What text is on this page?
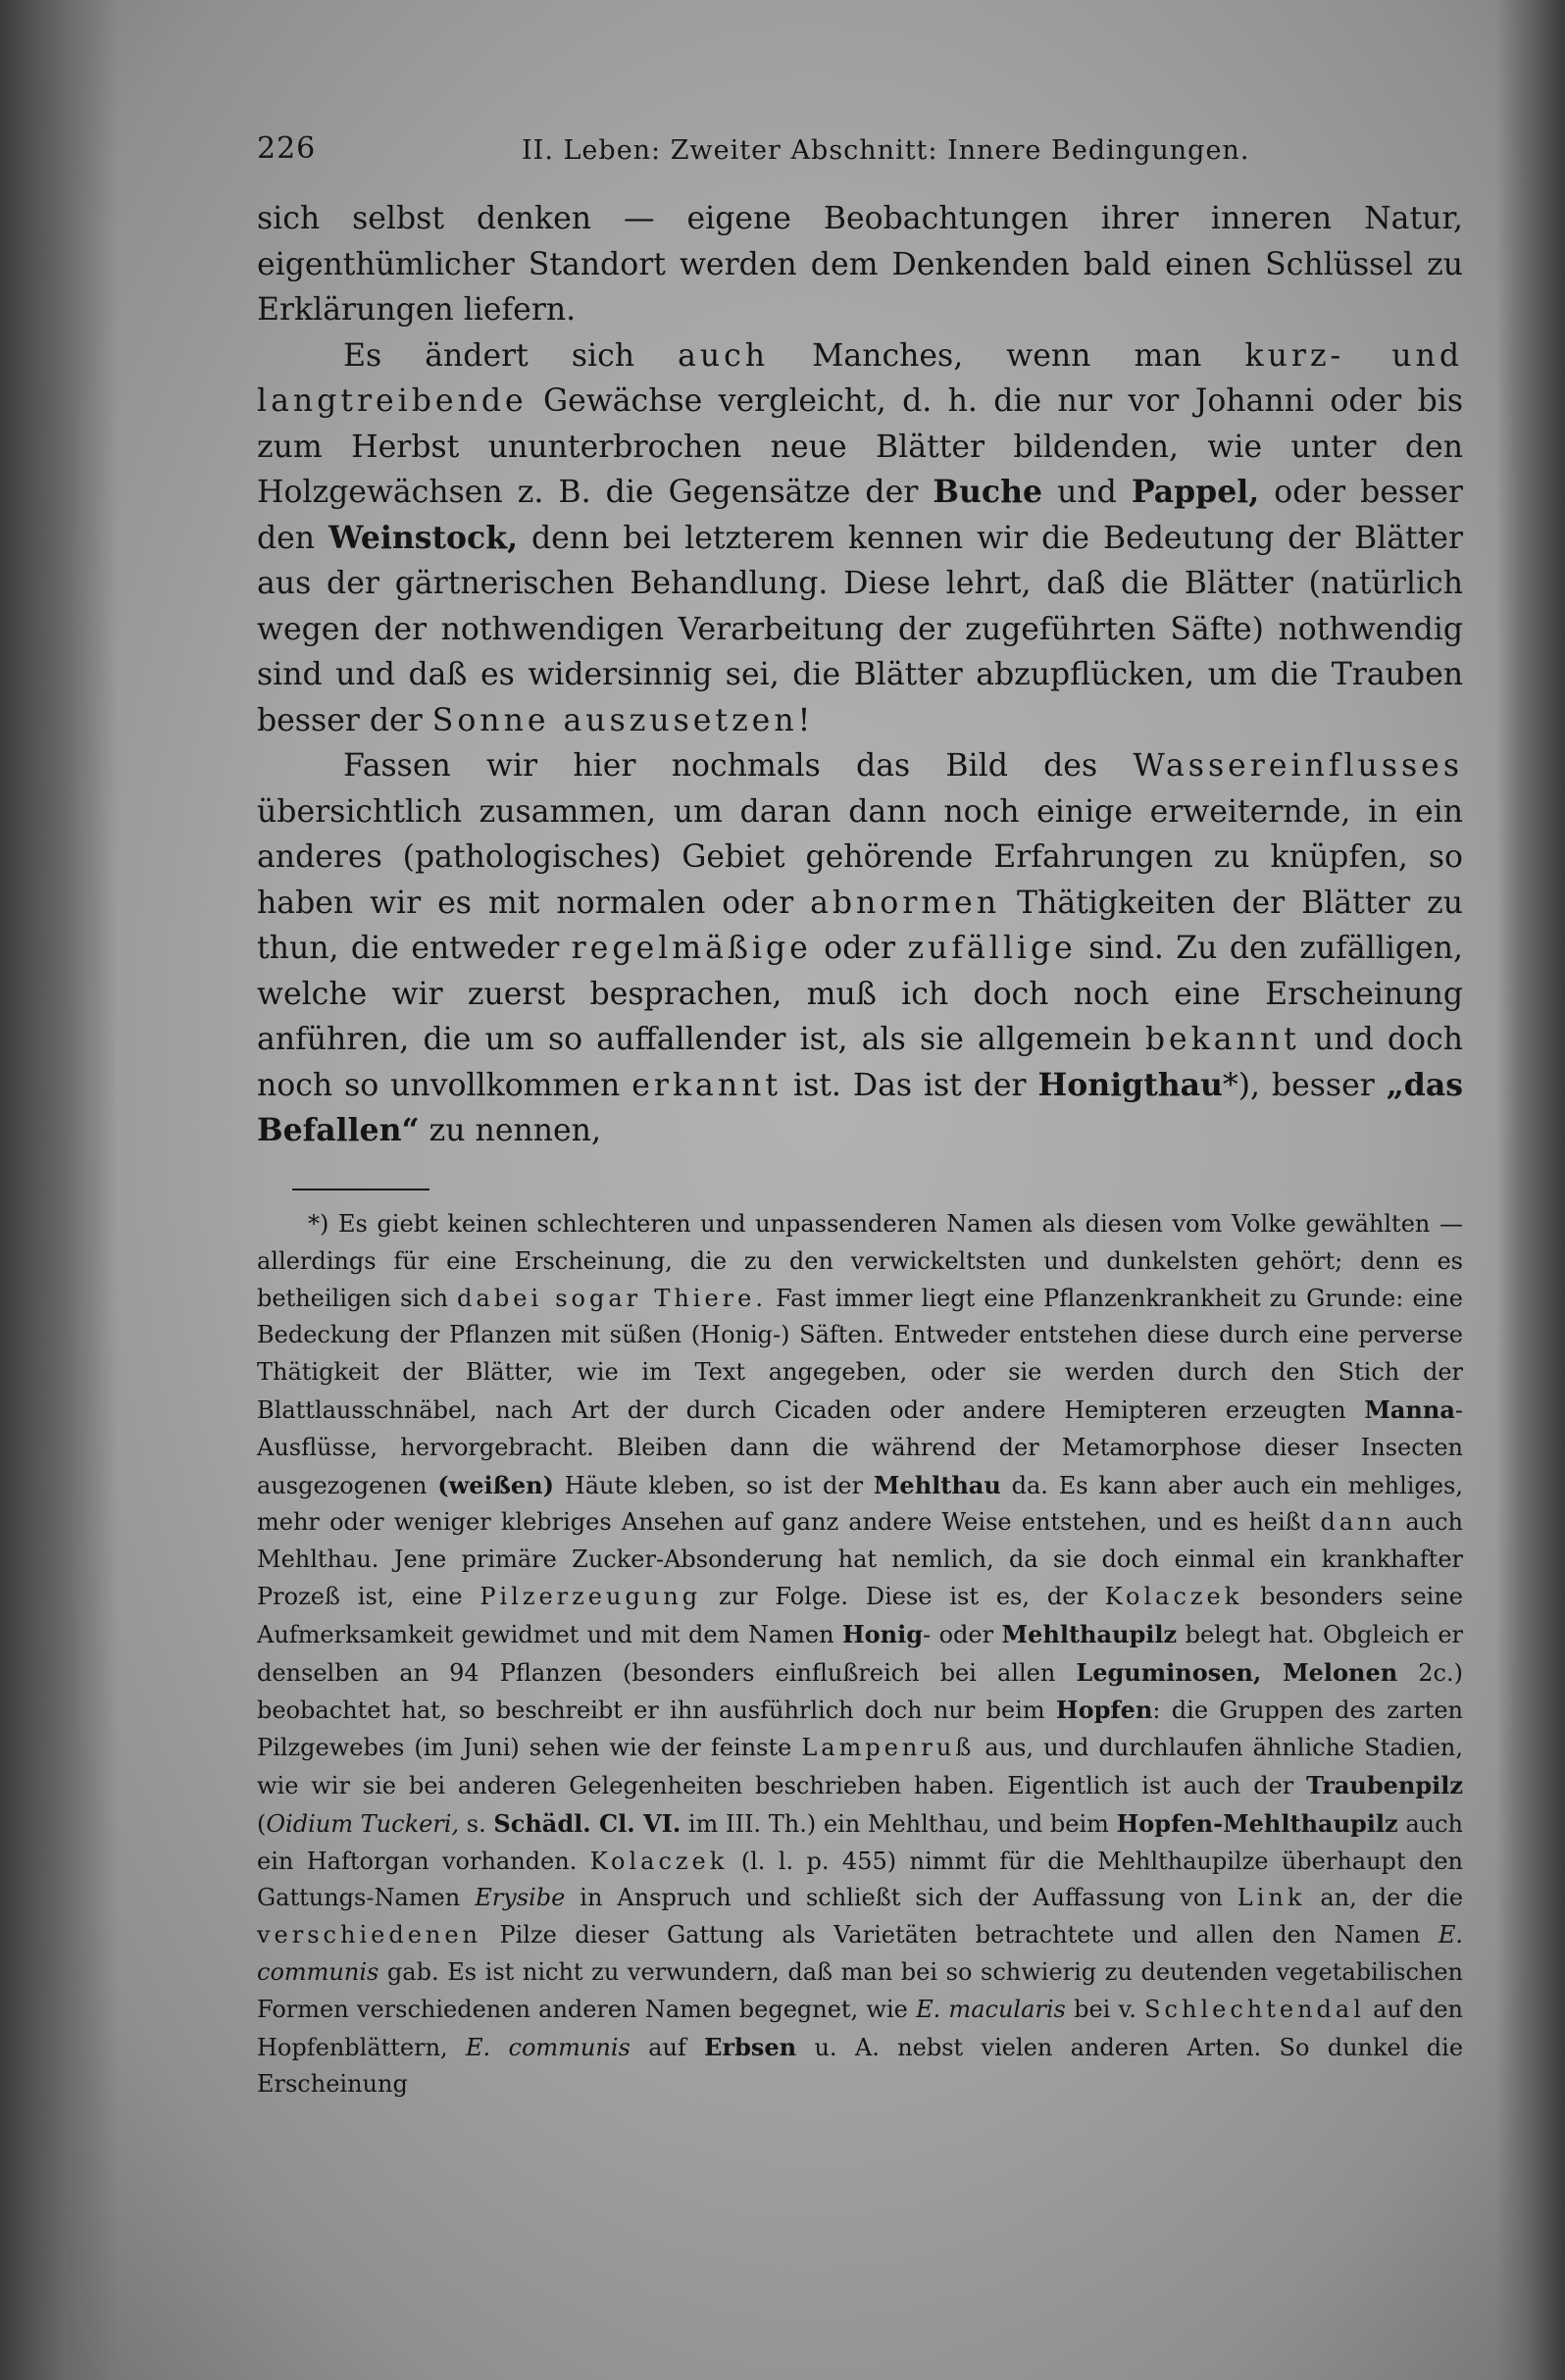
226	II. Leben: Zweiter Abschnitt: Innere Bedingungen.

sich selbst denken — eigene Beobachtungen ihrer inneren Natur, eigenthümlicher Standort werden dem Denkenden bald einen Schlüssel zu Erklärungen liefern.

Es ändert sich auch Manches, wenn man kurz- und langtreibende Gewächse vergleicht, d. h. die nur vor Johanni oder bis zum Herbst ununterbrochen neue Blätter bildenden, wie unter den Holzgewächsen z. B. die Gegensätze der Buche und Pappel, oder besser den Weinstock, denn bei letzterem kennen wir die Bedeutung der Blätter aus der gärtnerischen Behandlung. Diese lehrt, daß die Blätter (natürlich wegen der nothwendigen Verarbeitung der zugeführten Säfte) nothwendig sind und daß es widersinnig sei, die Blätter abzupflücken, um die Trauben besser der Sonne auszusetzen!

Fassen wir hier nochmals das Bild des Wassereinflusses übersichtlich zusammen, um daran dann noch einige erweiternde, in ein anderes (pathologisches) Gebiet gehörende Erfahrungen zu knüpfen, so haben wir es mit normalen oder abnormen Thätigkeiten der Blätter zu thun, die entweder regelmäßige oder zufällige sind. Zu den zufälligen, welche wir zuerst besprachen, muß ich doch noch eine Erscheinung anführen, die um so auffallender ist, als sie allgemein bekannt und doch noch so unvollkommen erkannt ist. Das ist der Honigthau*), besser „das Befallen“ zu nennen,

*) Es giebt keinen schlechteren und unpassenderen Namen als diesen vom Volke gewählten — allerdings für eine Erscheinung, die zu den verwickeltsten und dunkelsten gehört; denn es betheiligen sich dabei sogar Thiere. Fast immer liegt eine Pflanzenkrankheit zu Grunde: eine Bedeckung der Pflanzen mit süßen (Honig-) Säften. Entweder entstehen diese durch eine perverse Thätigkeit der Blätter, wie im Text angegeben, oder sie werden durch den Stich der Blattlausschnäbel, nach Art der durch Cicaden oder andere Hemipteren erzeugten Manna-Ausflüsse, hervorgebracht. Bleiben dann die während der Metamorphose dieser Insecten ausgezogenen (weißen) Häute kleben, so ist der Mehlthau da. Es kann aber auch ein mehliges, mehr oder weniger klebriges Ansehen auf ganz andere Weise entstehen, und es heißt dann auch Mehlthau. Jene primäre Zucker-Absonderung hat nemlich, da sie doch einmal ein krankhafter Prozeß ist, eine Pilzerzeugung zur Folge. Diese ist es, der Kolaczek besonders seine Aufmerksamkeit gewidmet und mit dem Namen Honig- oder Mehlthaupilz belegt hat. Obgleich er denselben an 94 Pflanzen (besonders einflußreich bei allen Leguminosen, Melonen 2c.) beobachtet hat, so beschreibt er ihn ausführlich doch nur beim Hopfen: die Gruppen des zarten Pilzgewebes (im Juni) sehen wie der feinste Lampenruß aus, und durchlaufen ähnliche Stadien, wie wir sie bei anderen Gelegenheiten beschrieben haben. Eigentlich ist auch der Traubenpilz (Oidium Tuckeri, s. Schädl. Cl. VI. im III. Th.) ein Mehlthau, und beim Hopfen-Mehlthaupilz auch ein Haftorgan vorhanden. Kolaczek (l. l. p. 455) nimmt für die Mehlthaupilze überhaupt den Gattungs-Namen Erysibe in Anspruch und schließt sich der Auffassung von Link an, der die verschiedenen Pilze dieser Gattung als Varietäten betrachtete und allen den Namen E. communis gab. Es ist nicht zu verwundern, daß man bei so schwierig zu deutenden vegetabilischen Formen verschiedenen anderen Namen begegnet, wie E. macularis bei v. Schlechtendal auf den Hopfenblättern, E. communis auf Erbsen u. A. nebst vielen anderen Arten. So dunkel die Erscheinung
